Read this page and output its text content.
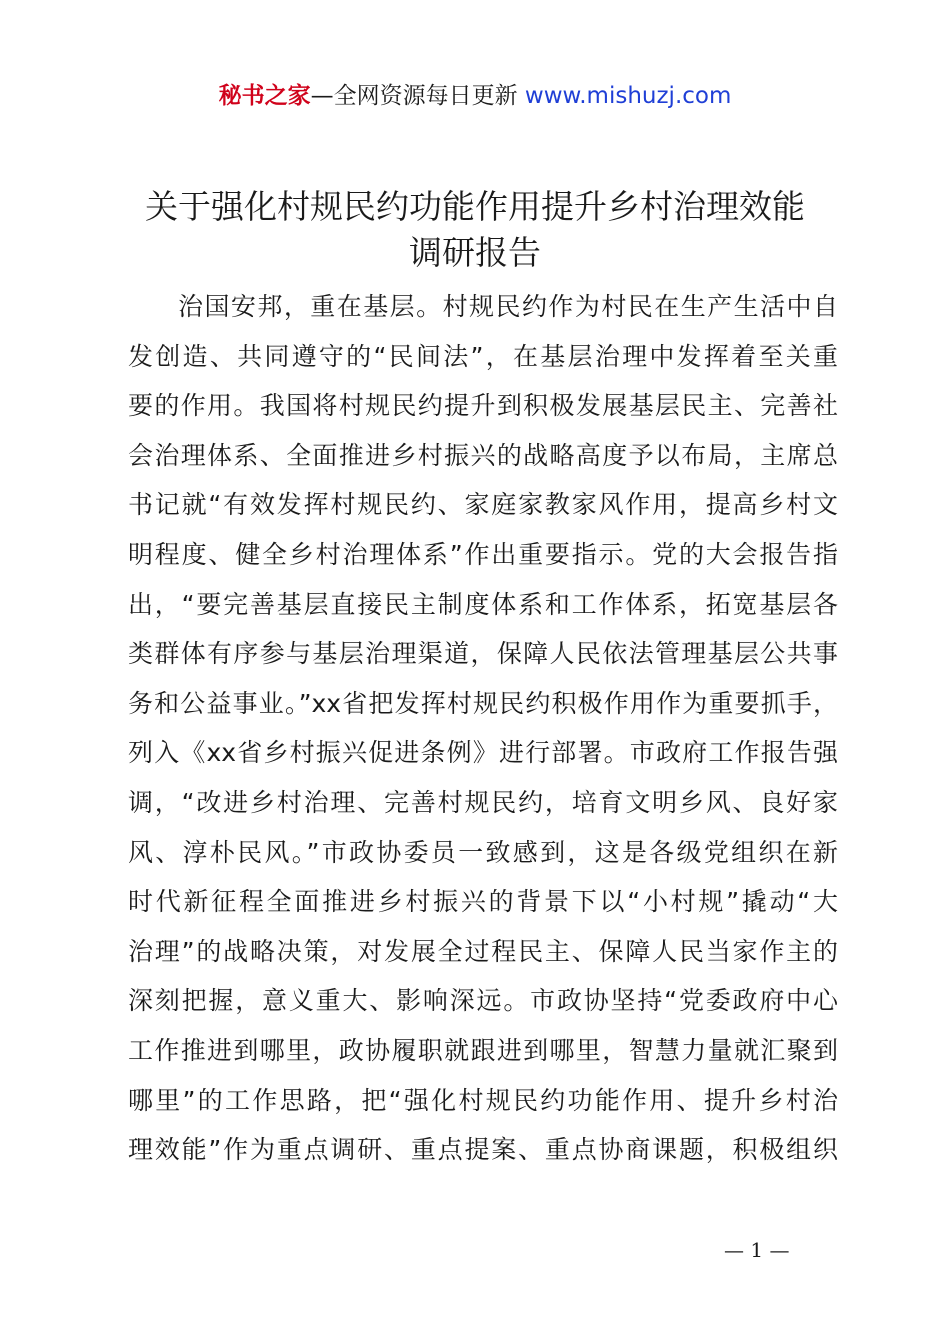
秘书之家—全网资源每日更新 www.mishuzj.com
关于强化村规民约功能作用提升乡村治理效能
调研报告
治国安邦，重在基层。村规民约作为村民在生产生活中自
发创造、共同遵守的“民间法”，在基层治理中发挥着至关重
要的作用。我国将村规民约提升到积极发展基层民主、完善社
会治理体系、全面推进乡村振兴的战略高度予以布局，主席总
书记就“有效发挥村规民约、家庭家教家风作用，提高乡村文
明程度、健全乡村治理体系”作出重要指示。党的大会报告指
出，“要完善基层直接民主制度体系和工作体系，拓宽基层各
类群体有序参与基层治理渠道，保障人民依法管理基层公共事
务和公益事业。”xx省把发挥村规民约积极作用作为重要抓手，
列入《xx省乡村振兴促进条例》进行部署。市政府工作报告强
调，“改进乡村治理、完善村规民约，培育文明乡风、良好家
风、淳朴民风。”市政协委员一致感到，这是各级党组织在新
时代新征程全面推进乡村振兴的背景下以“小村规”撬动“大
治理”的战略决策，对发展全过程民主、保障人民当家作主的
深刻把握，意义重大、影响深远。市政协坚持“党委政府中心
工作推进到哪里，政协履职就跟进到哪里，智慧力量就汇聚到
哪里”的工作思路，把“强化村规民约功能作用、提升乡村治
理效能”作为重点调研、重点提案、重点协商课题，积极组织
— 1 —
